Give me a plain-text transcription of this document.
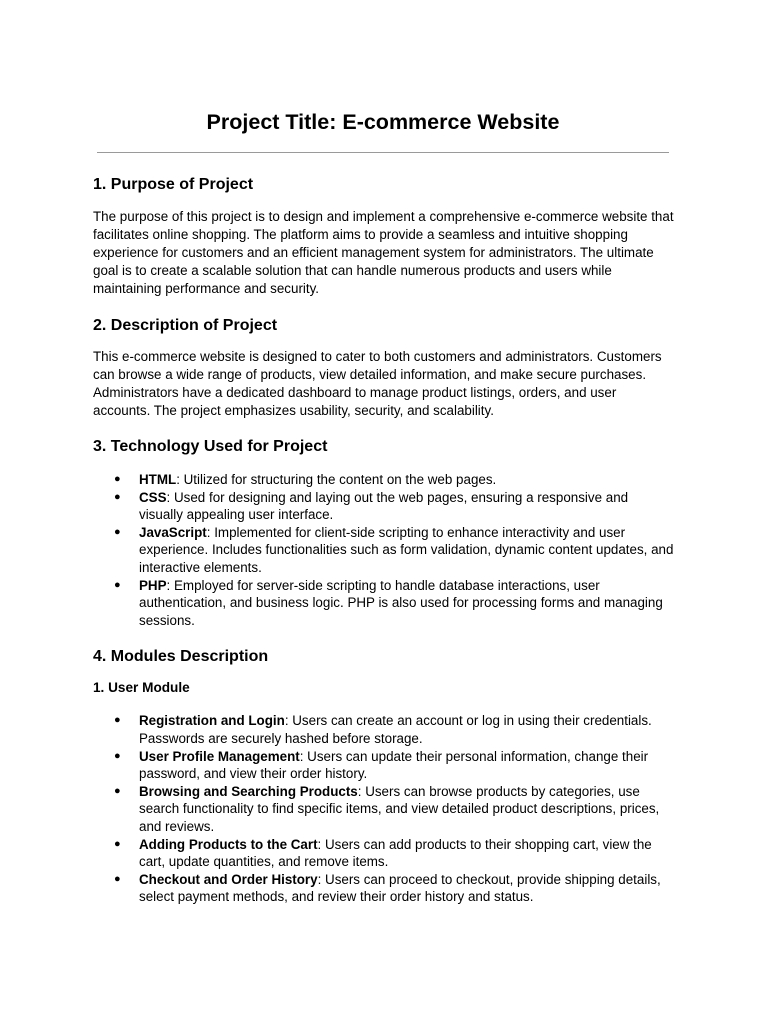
Project Title: E-commerce Website
1. Purpose of Project

The purpose of this project is to design and implement a comprehensive e-commerce website that facilitates online shopping. The platform aims to provide a seamless and intuitive shopping experience for customers and an efficient management system for administrators. The ultimate goal is to create a scalable solution that can handle numerous products and users while maintaining performance and security.

2. Description of Project

This e-commerce website is designed to cater to both customers and administrators. Customers can browse a wide range of products, view detailed information, and make secure purchases. Administrators have a dedicated dashboard to manage product listings, orders, and user accounts. The project emphasizes usability, security, and scalability.

3. Technology Used for Project
● HTML: Utilized for structuring the content on the web pages.
● CSS: Used for designing and laying out the web pages, ensuring a responsive and visually appealing user interface.
● JavaScript: Implemented for client-side scripting to enhance interactivity and user experience. Includes functionalities such as form validation, dynamic content updates, and interactive elements.
● PHP: Employed for server-side scripting to handle database interactions, user authentication, and business logic. PHP is also used for processing forms and managing sessions.
4. Modules Description
1. User Module
● Registration and Login: Users can create an account or log in using their credentials. Passwords are securely hashed before storage.
● User Profile Management: Users can update their personal information, change their password, and view their order history.
● Browsing and Searching Products: Users can browse products by categories, use search functionality to find specific items, and view detailed product descriptions, prices, and reviews.
● Adding Products to the Cart: Users can add products to their shopping cart, view the cart, update quantities, and remove items.
● Checkout and Order History: Users can proceed to checkout, provide shipping details, select payment methods, and review their order history and status.
